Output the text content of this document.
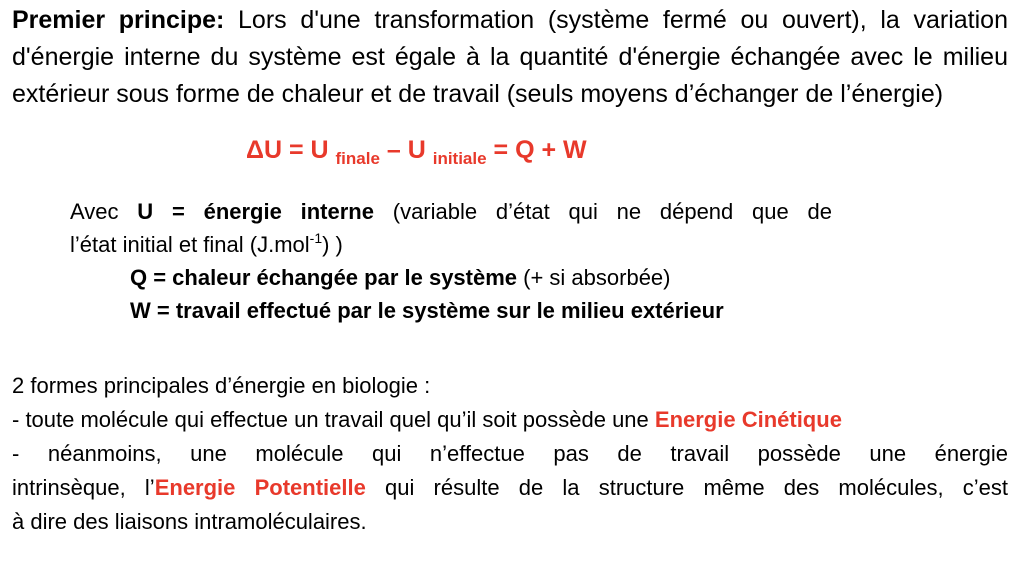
Premier principe: Lors d'une transformation (système fermé ou ouvert), la variation d'énergie interne du système est égale à la quantité d'énergie échangée avec le milieu extérieur sous forme de chaleur et de travail (seuls moyens d’échanger de l’énergie)

ΔU = U $_{finale}$ – U $_{initiale}$ = Q + W
Avec U = énergie interne (variable d’état qui ne dépend que de
l’état initial et final (J.mol$^{-1}$) )
Q = chaleur échangée par le système (+ si absorbée)
W = travail effectué par le système sur le milieu extérieur
2 formes principales d’énergie en biologie :
- toute molécule qui effectue un travail quel qu’il soit possède une Energie Cinétique
- néanmoins, une molécule qui n’effectue pas de travail possède une énergie
intrinsèque, l’Energie Potentielle qui résulte de la structure même des molécules, c’est
à dire des liaisons intramoléculaires.
